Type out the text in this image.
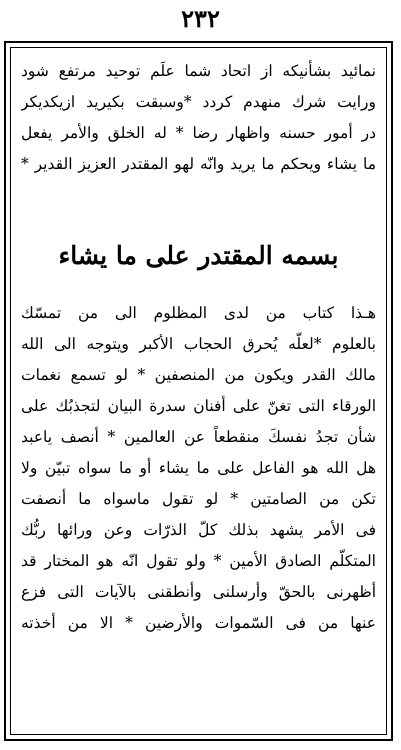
٢٣٢
نمائيد بشأنيكه از اتحاد شما علَم توحيد مرتفع شود
ورايت شرك منهدم كردد *وسبقت بكيريد ازيكديكر
در أمور حسنه واظهار رضا * له الخلق والأمر يفعل
ما يشاء ويحكم ما يريد وانّه لهو المقتدر العزيز القدير *
بسمه المقتدر على ما يشاء
هـذا كتاب من لدى المظلوم الى من تمسّك
بالعلوم *لعلّه يُحرق الحجاب الأكبر ويتوجه الى الله
مالك القدر ويكون من المنصفين * لو تسمع نغمات
الورقاء التى تغنّ على أفنان سدرة البيان لتجذبُك على
شأن تجدُ نفسكَ منقطعاً عن العالمين * أنصف ياعبد
هل الله هو الفاعل على ما يشاء أو ما سواه تبيّن ولا
تكن من الصامتين * لو تقول ماسواه ما أنصفت
فى الأمر يشهد بذلك كلّ الذرّات وعن ورائها ربُّك
المتكلّم الصادق الأمين * ولو تقول انّه هو المختار قد
أظهرنى بالحقّ وأرسلنى وأنطقنى بالآيات التى فزع
عنها من فى السّموات والأرضين * الا من أخذته
